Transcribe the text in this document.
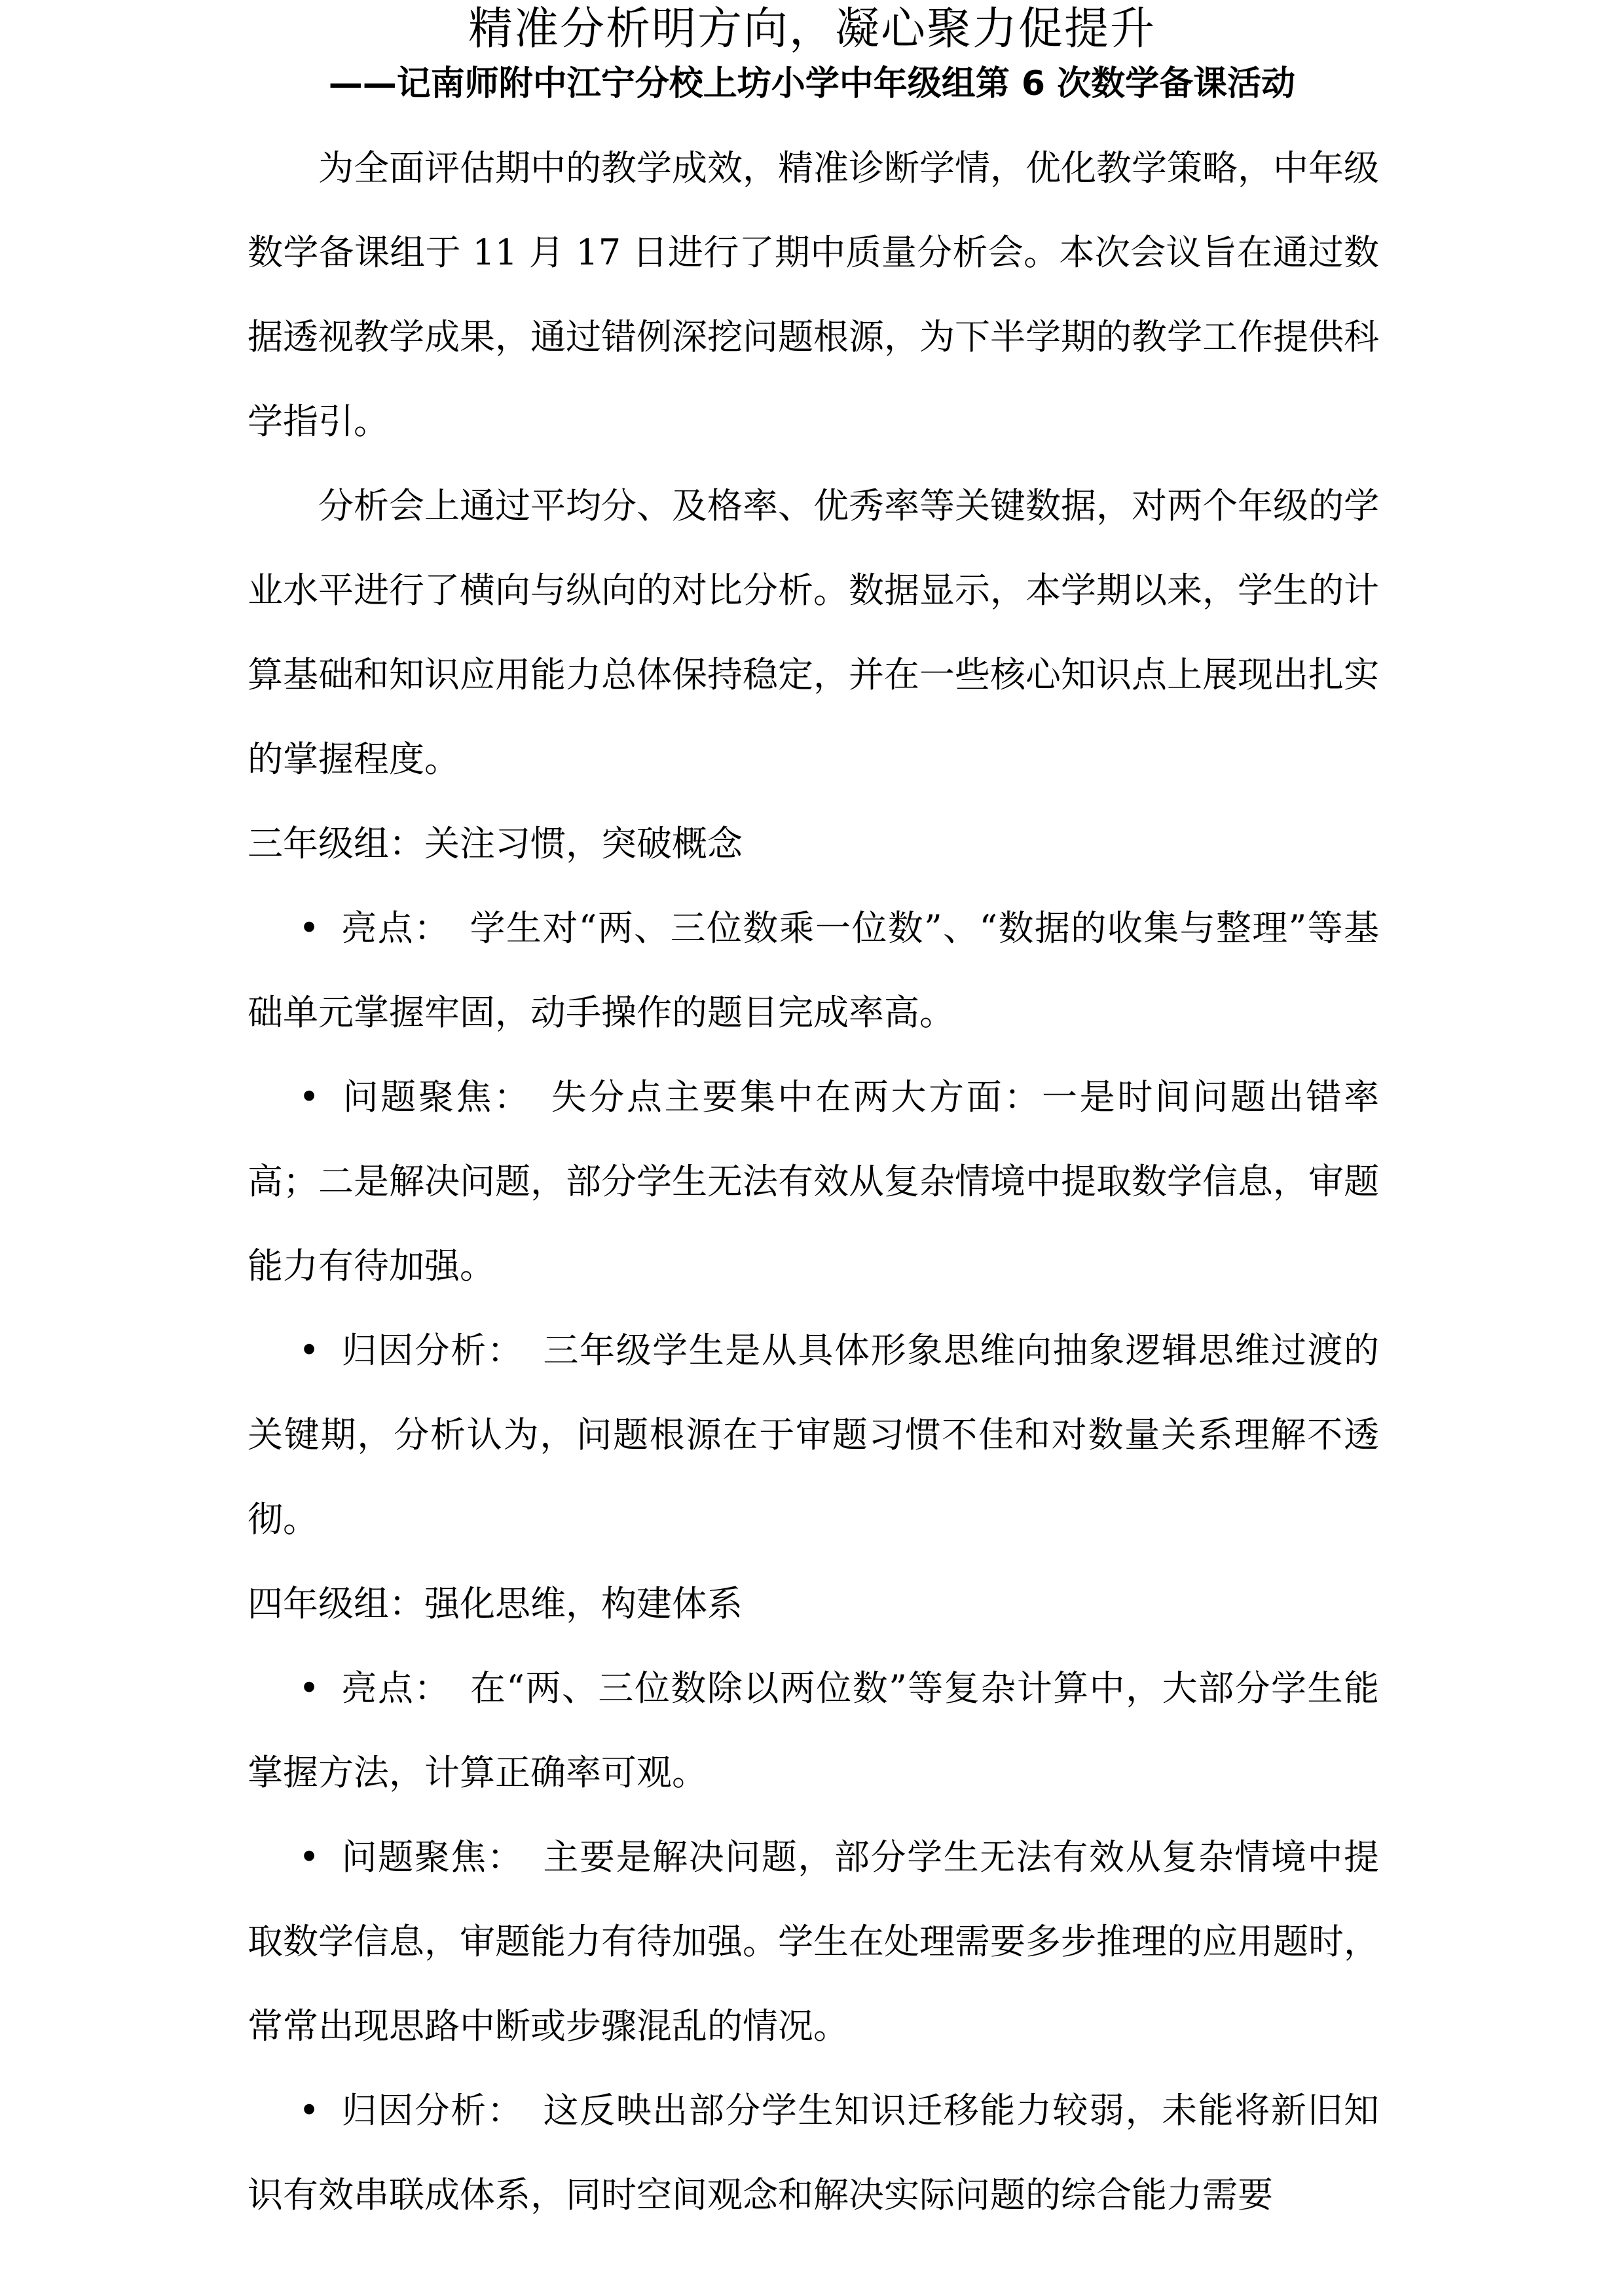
精准分析明方向，凝心聚力促提升
——记南师附中江宁分校上坊小学中年级组第 6 次数学备课活动

为全面评估期中的教学成效，精准诊断学情，优化教学策略，中年级数学备课组于 11 月 17 日进行了期中质量分析会。本次会议旨在通过数据透视教学成果，通过错例深挖问题根源，为下半学期的教学工作提供科学指引。

分析会上通过平均分、及格率、优秀率等关键数据，对两个年级的学业水平进行了横向与纵向的对比分析。数据显示，本学期以来，学生的计算基础和知识应用能力总体保持稳定，并在一些核心知识点上展现出扎实的掌握程度。

三年级组：关注习惯，突破概念

• 亮点： 学生对“两、三位数乘一位数”、“数据的收集与整理”等基础单元掌握牢固，动手操作的题目完成率高。

• 问题聚焦： 失分点主要集中在两大方面：一是时间问题出错率高；二是解决问题，部分学生无法有效从复杂情境中提取数学信息，审题能力有待加强。

• 归因分析： 三年级学生是从具体形象思维向抽象逻辑思维过渡的关键期，分析认为，问题根源在于审题习惯不佳和对数量关系理解不透彻。

四年级组：强化思维，构建体系

• 亮点： 在“两、三位数除以两位数”等复杂计算中，大部分学生能掌握方法，计算正确率可观。

• 问题聚焦： 主要是解决问题，部分学生无法有效从复杂情境中提取数学信息，审题能力有待加强。学生在处理需要多步推理的应用题时，常常出现思路中断或步骤混乱的情况。

• 归因分析： 这反映出部分学生知识迁移能力较弱，未能将新旧知识有效串联成体系，同时空间观念和解决实际问题的综合能力需要
